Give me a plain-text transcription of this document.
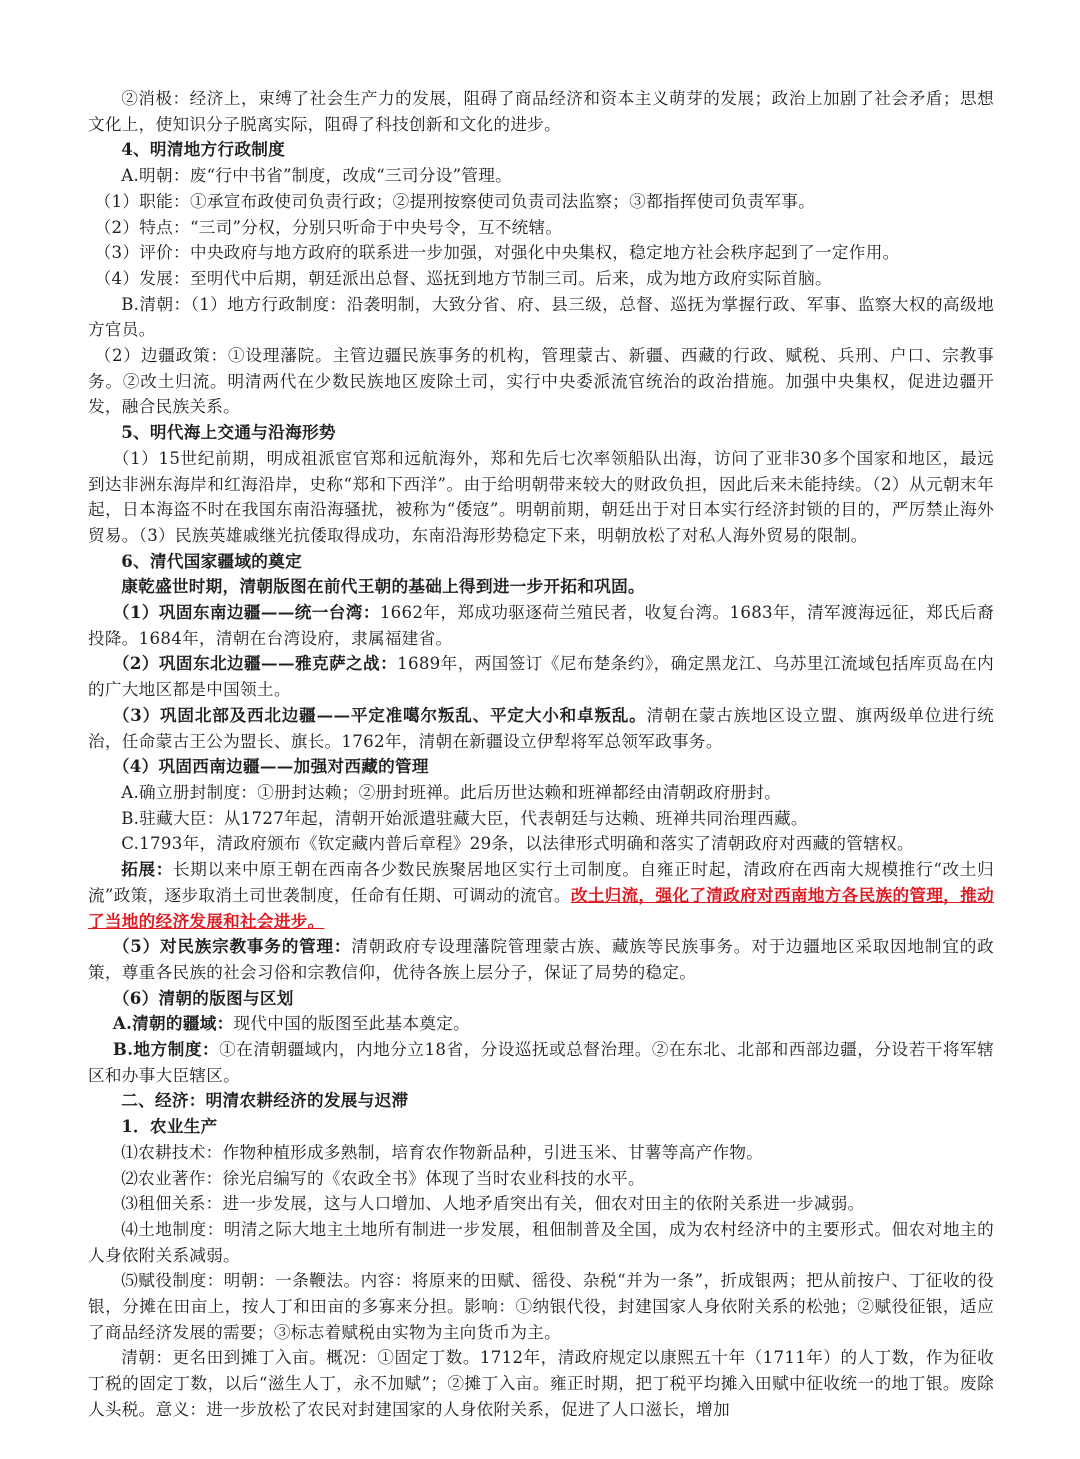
②消极：经济上，束缚了社会生产力的发展，阻碍了商品经济和资本主义萌芽的发展；政治上加剧了社会矛盾；思想文化上，使知识分子脱离实际，阻碍了科技创新和文化的进步。

4、明清地方行政制度

A.明朝：废“行中书省”制度，改成“三司分设”管理。

（1）职能：①承宣布政使司负责行政；②提刑按察使司负责司法监察；③都指挥使司负责军事。

（2）特点：“三司”分权，分别只听命于中央号令，互不统辖。

（3）评价：中央政府与地方政府的联系进一步加强，对强化中央集权，稳定地方社会秩序起到了一定作用。

（4）发展：至明代中后期，朝廷派出总督、巡抚到地方节制三司。后来，成为地方政府实际首脑。

B.清朝：（1）地方行政制度：沿袭明制，大致分省、府、县三级，总督、巡抚为掌握行政、军事、监察大权的高级地方官员。

（2）边疆政策：①设理藩院。主管边疆民族事务的机构，管理蒙古、新疆、西藏的行政、赋税、兵刑、户口、宗教事务。②改土归流。明清两代在少数民族地区废除土司，实行中央委派流官统治的政治措施。加强中央集权，促进边疆开发，融合民族关系。

5、明代海上交通与沿海形势

（1）15世纪前期，明成祖派宦官郑和远航海外，郑和先后七次率领船队出海，访问了亚非30多个国家和地区，最远到达非洲东海岸和红海沿岸，史称“郑和下西洋”。由于给明朝带来较大的财政负担，因此后来未能持续。（2）从元朝末年起，日本海盗不时在我国东南沿海骚扰，被称为“倭寇”。明朝前期，朝廷出于对日本实行经济封锁的目的，严厉禁止海外贸易。（3）民族英雄戚继光抗倭取得成功，东南沿海形势稳定下来，明朝放松了对私人海外贸易的限制。

6、清代国家疆域的奠定

康乾盛世时期，清朝版图在前代王朝的基础上得到进一步开拓和巩固。

（1）巩固东南边疆——统一台湾：1662年，郑成功驱逐荷兰殖民者，收复台湾。1683年，清军渡海远征，郑氏后裔投降。1684年，清朝在台湾设府，隶属福建省。

（2）巩固东北边疆——雅克萨之战：1689年，两国签订《尼布楚条约》，确定黑龙江、乌苏里江流域包括库页岛在内的广大地区都是中国领土。

（3）巩固北部及西北边疆——平定准噶尔叛乱、平定大小和卓叛乱。清朝在蒙古族地区设立盟、旗两级单位进行统治，任命蒙古王公为盟长、旗长。1762年，清朝在新疆设立伊犁将军总领军政事务。

（4）巩固西南边疆——加强对西藏的管理

A.确立册封制度：①册封达赖；②册封班禅。此后历世达赖和班禅都经由清朝政府册封。

B.驻藏大臣：从1727年起，清朝开始派遣驻藏大臣，代表朝廷与达赖、班禅共同治理西藏。

C.1793年，清政府颁布《钦定藏内普后章程》29条，以法律形式明确和落实了清朝政府对西藏的管辖权。

拓展：长期以来中原王朝在西南各少数民族聚居地区实行土司制度。自雍正时起，清政府在西南大规模推行“改土归流”政策，逐步取消土司世袭制度，任命有任期、可调动的流官。改土归流，强化了清政府对西南地方各民族的管理，推动了当地的经济发展和社会进步。

（5）对民族宗教事务的管理：清朝政府专设理藩院管理蒙古族、藏族等民族事务。对于边疆地区采取因地制宜的政策，尊重各民族的社会习俗和宗教信仰，优待各族上层分子，保证了局势的稳定。

（6）清朝的版图与区划

A.清朝的疆域：现代中国的版图至此基本奠定。

B.地方制度：①在清朝疆域内，内地分立18省，分设巡抚或总督治理。②在东北、北部和西部边疆，分设若干将军辖区和办事大臣辖区。

二、经济：明清农耕经济的发展与迟滞

1．农业生产

⑴农耕技术：作物种植形成多熟制，培育农作物新品种，引进玉米、甘薯等高产作物。

⑵农业著作：徐光启编写的《农政全书》体现了当时农业科技的水平。

⑶租佃关系：进一步发展，这与人口增加、人地矛盾突出有关，佃农对田主的依附关系进一步减弱。

⑷土地制度：明清之际大地主土地所有制进一步发展，租佃制普及全国，成为农村经济中的主要形式。佃农对地主的人身依附关系减弱。

⑸赋役制度：明朝：一条鞭法。内容：将原来的田赋、徭役、杂税“并为一条”，折成银两；把从前按户、丁征收的役银，分摊在田亩上，按人丁和田亩的多寡来分担。影响：①纳银代役，封建国家人身依附关系的松弛；②赋役征银，适应了商品经济发展的需要；③标志着赋税由实物为主向货币为主。

清朝：更名田到摊丁入亩。概况：①固定丁数。1712年，清政府规定以康熙五十年（1711年）的人丁数，作为征收丁税的固定丁数，以后“滋生人丁，永不加赋”；②摊丁入亩。雍正时期，把丁税平均摊入田赋中征收统一的地丁银。废除人头税。意义：进一步放松了农民对封建国家的人身依附关系，促进了人口滋长，增加
